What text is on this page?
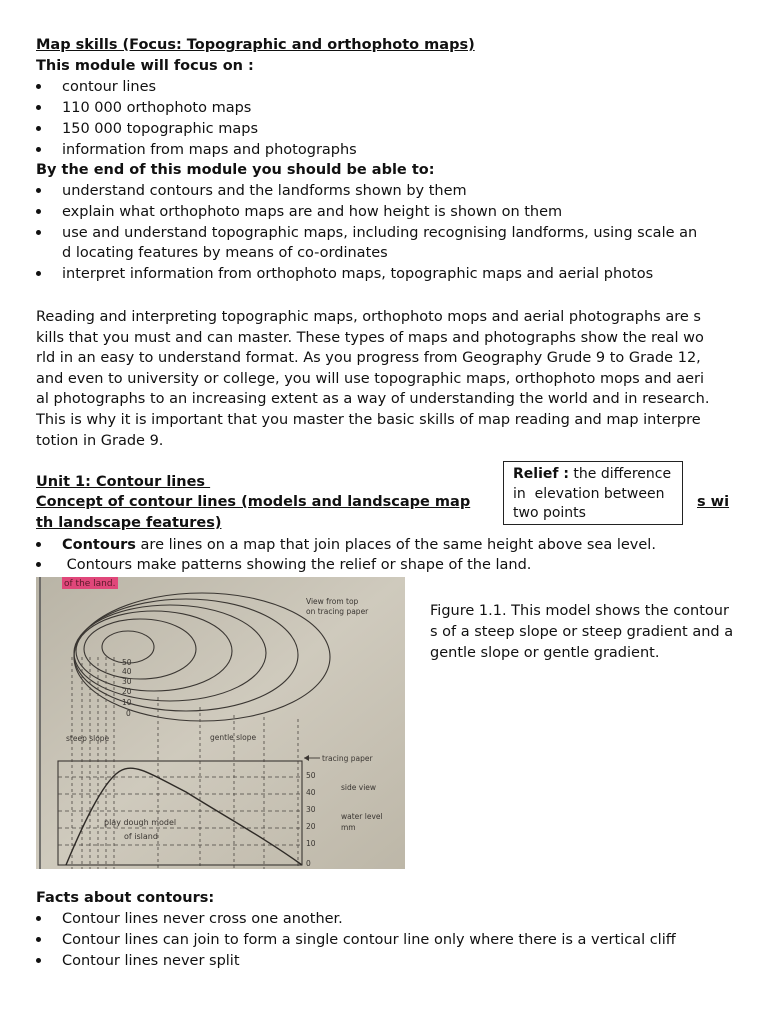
Map skills (Focus: Topographic and orthophoto maps)
This module will focus on :
contour lines
110 000 orthophoto maps
150 000 topographic maps
information from maps and photographs
By the end of this module you should be able to:
understand contours and the landforms shown by them
explain what orthophoto maps are and how height is shown on them
use and understand topographic maps, including recognising landforms, using scale an
d locating features by means of co-ordinates
interpret information from orthophoto maps, topographic maps and aerial photos
Reading and interpreting topographic maps, orthophoto mops and aerial photographs are s
kills that you must and can master. These types of maps and photographs show the real wo
rld in an easy to understand format. As you progress from Geography Grude 9 to Grade 12,
and even to university or college, you will use topographic maps, orthophoto mops and aeri
al photographs to an increasing extent as a way of understanding the world and in research.
This is why it is important that you master the basic skills of map reading and map interpre
totion in Grade 9.
Unit 1: Contour lines
Concept of contour lines (models and landscape map	s wi
th landscape features)
Relief : the difference
in  elevation between
two points
Contours are lines on a map that join places of the same height above sea level.
Contours make patterns showing the relief or shape of the land.
of the land.
View from top
on tracing paper
50
40
30
20
10
0
steep slope	gentle slope
50
40
30
20
10
0
tracing paper
side view
water level
mm
play dough model
of island
Figure 1.1. This model shows the contour
s of a steep slope or steep gradient and a
gentle slope or gentle gradient.
Facts about contours:
Contour lines never cross one another.
Contour lines can join to form a single contour line only where there is a vertical cliff
Contour lines never split
